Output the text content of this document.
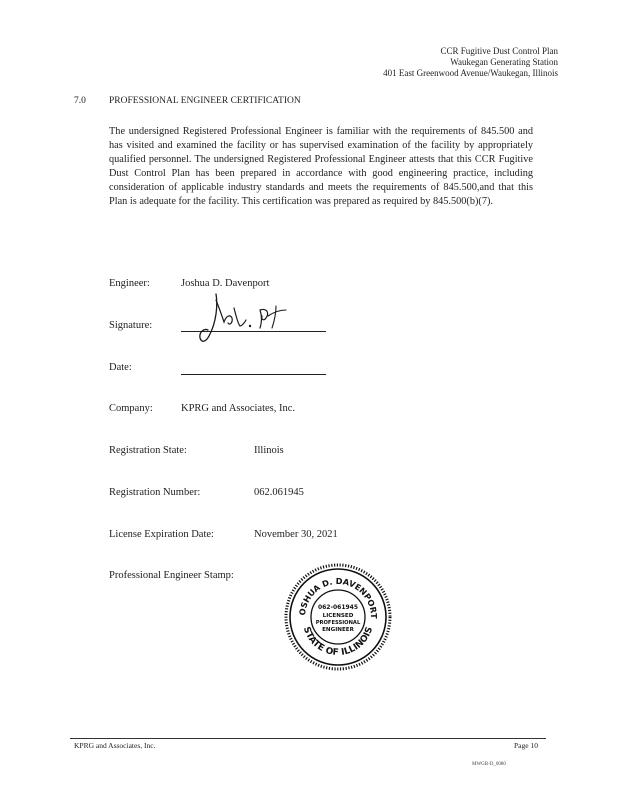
CCR Fugitive Dust Control Plan
Waukegan Generating Station
401 East Greenwood Avenue/Waukegan, Illinois
7.0 PROFESSIONAL ENGINEER CERTIFICATION
The undersigned Registered Professional Engineer is familiar with the requirements of 845.500 and has visited and examined the facility or has supervised examination of the facility by appropriately qualified personnel. The undersigned Registered Professional Engineer attests that this CCR Fugitive Dust Control Plan has been prepared in accordance with good engineering practice, including consideration of applicable industry standards and meets the requirements of 845.500,and that this Plan is adequate for the facility. This certification was prepared as required by 845.500(b)(7).
Engineer:	Joshua D. Davenport
Signature:
Date:
Company:	KPRG and Associates, Inc.
Registration State:	Illinois
Registration Number:	062.061945
License Expiration Date:	November 30, 2021
Professional Engineer Stamp:
OSHUA D. DAVENPORT
STATE OF ILLINOIS
062-061945
LICENSED
PROFESSIONAL
ENGINEER
KPRG and Associates, Inc.	Page 10
MWGB-D_0080
